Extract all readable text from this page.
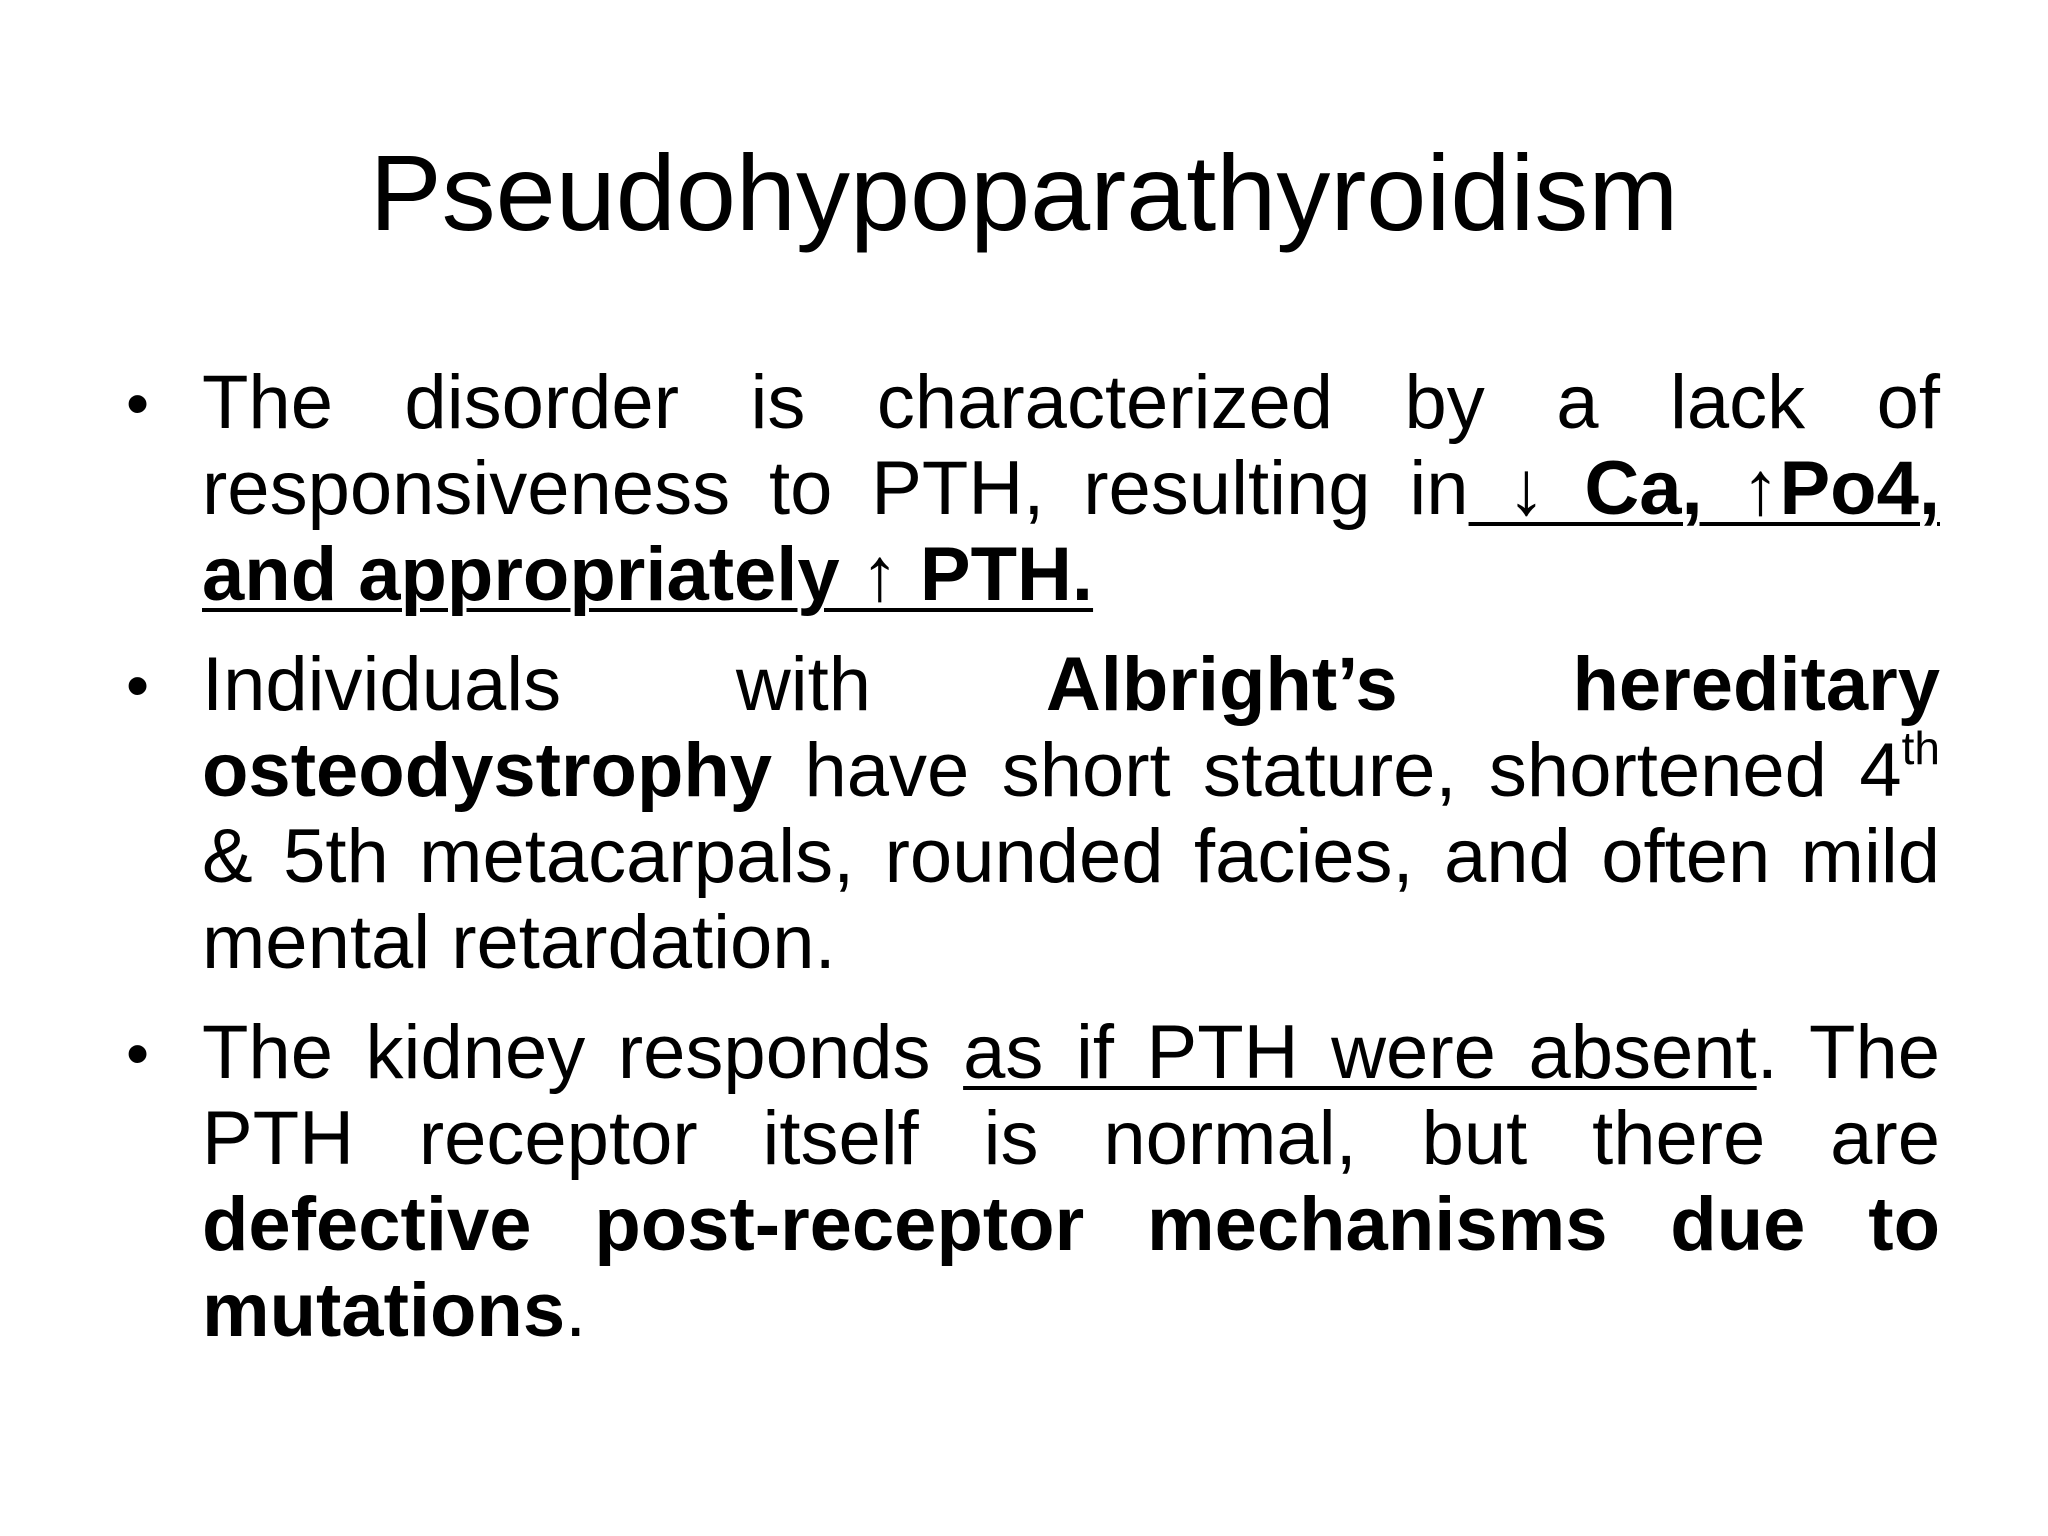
Pseudohypoparathyroidism
• The disorder is characterized by a lack of responsiveness to PTH, resulting in ↓ Ca, ↑Po4, and appropriately ↑ PTH.
• Individuals with Albright’s hereditary osteodystrophy have short stature, shortened 4th & 5th metacarpals, rounded facies, and often mild mental retardation.
• The kidney responds as if PTH were absent. The PTH receptor itself is normal, but there are defective post-receptor mechanisms due to mutations.
